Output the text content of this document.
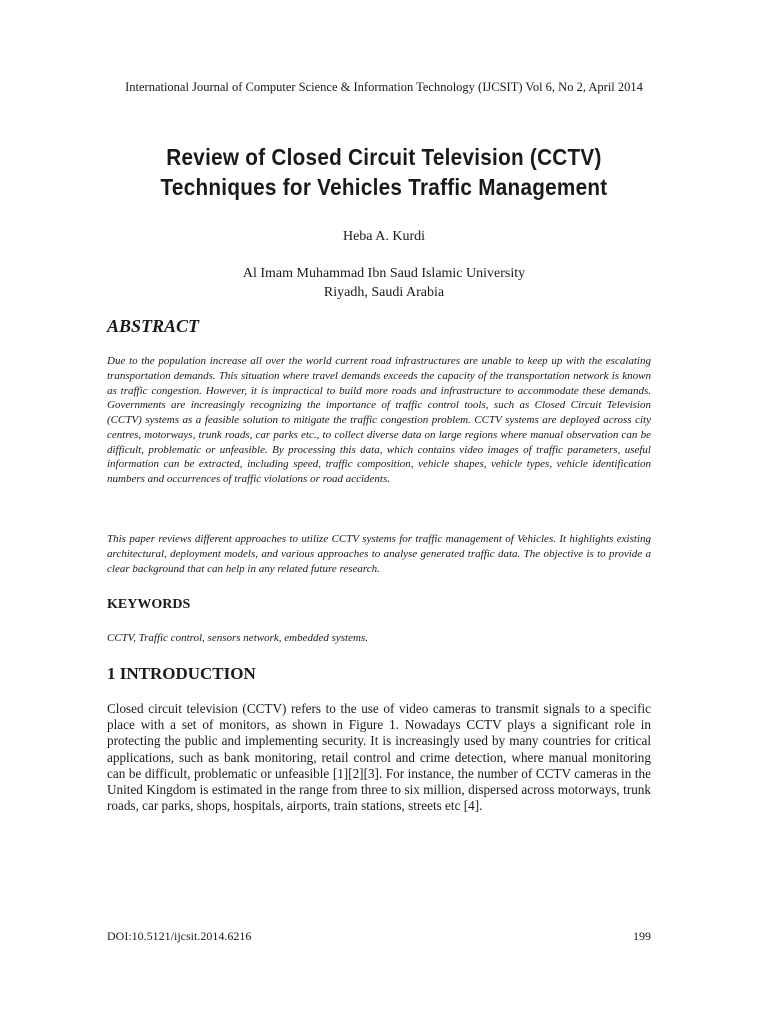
International Journal of Computer Science & Information Technology (IJCSIT) Vol 6, No 2, April 2014
Review of Closed Circuit Television (CCTV)
Techniques for Vehicles Traffic Management
Heba A. Kurdi
Al Imam Muhammad Ibn Saud Islamic University
Riyadh, Saudi Arabia
ABSTRACT
Due to the population increase all over the world current road infrastructures are unable to keep up with the escalating transportation demands. This situation where travel demands exceeds the capacity of the transportation network is known as traffic congestion. However, it is impractical to build more roads and infrastructure to accommodate these demands. Governments are increasingly recognizing the importance of traffic control tools, such as Closed Circuit Television (CCTV) systems as a feasible solution to mitigate the traffic congestion problem. CCTV systems are deployed across city centres, motorways, trunk roads, car parks etc., to collect diverse data on large regions where manual observation can be difficult, problematic or unfeasible. By processing this data, which contains video images of traffic parameters, useful information can be extracted, including speed, traffic composition, vehicle shapes, vehicle types, vehicle identification numbers and occurrences of traffic violations or road accidents.
This paper reviews different approaches to utilize CCTV systems for traffic management of Vehicles. It highlights existing architectural, deployment models, and various approaches to analyse generated traffic data. The objective is to provide a clear background that can help in any related future research.
KEYWORDS
CCTV, Traffic control, sensors network, embedded systems.
1 INTRODUCTION
Closed circuit television (CCTV) refers to the use of video cameras to transmit signals to a specific place with a set of monitors, as shown in Figure 1. Nowadays CCTV plays a significant role in protecting the public and implementing security. It is increasingly used by many countries for critical applications, such as bank monitoring, retail control and crime detection, where manual monitoring can be difficult, problematic or unfeasible [1][2][3]. For instance, the number of CCTV cameras in the United Kingdom is estimated in the range from three to six million, dispersed across motorways, trunk roads, car parks, shops, hospitals, airports, train stations, streets etc [4].
DOI:10.5121/ijcsit.2014.6216	199
